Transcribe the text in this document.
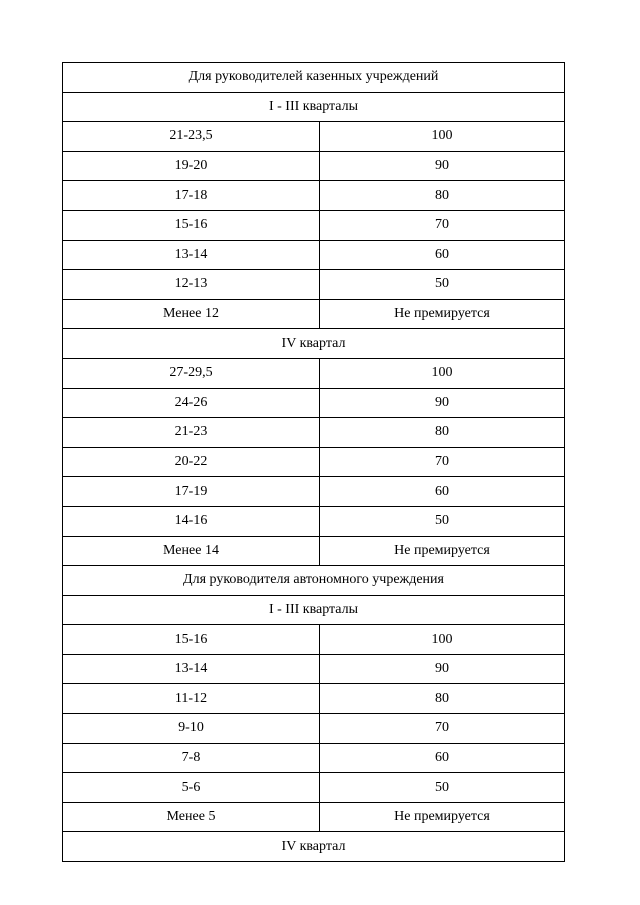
Для руководителей казенных учреждений	
I - III кварталы	
21-23,5	100
19-20	90
17-18	80
15-16	70
13-14	60
12-13	50
Менее 12	Не премируется
IV квартал	
27-29,5	100
24-26	90
21-23	80
20-22	70
17-19	60
14-16	50
Менее 14	Не премируется
Для руководителя автономного учреждения	
I - III кварталы	
15-16	100
13-14	90
11-12	80
9-10	70
7-8	60
5-6	50
Менее 5	Не премируется
IV квартал	
